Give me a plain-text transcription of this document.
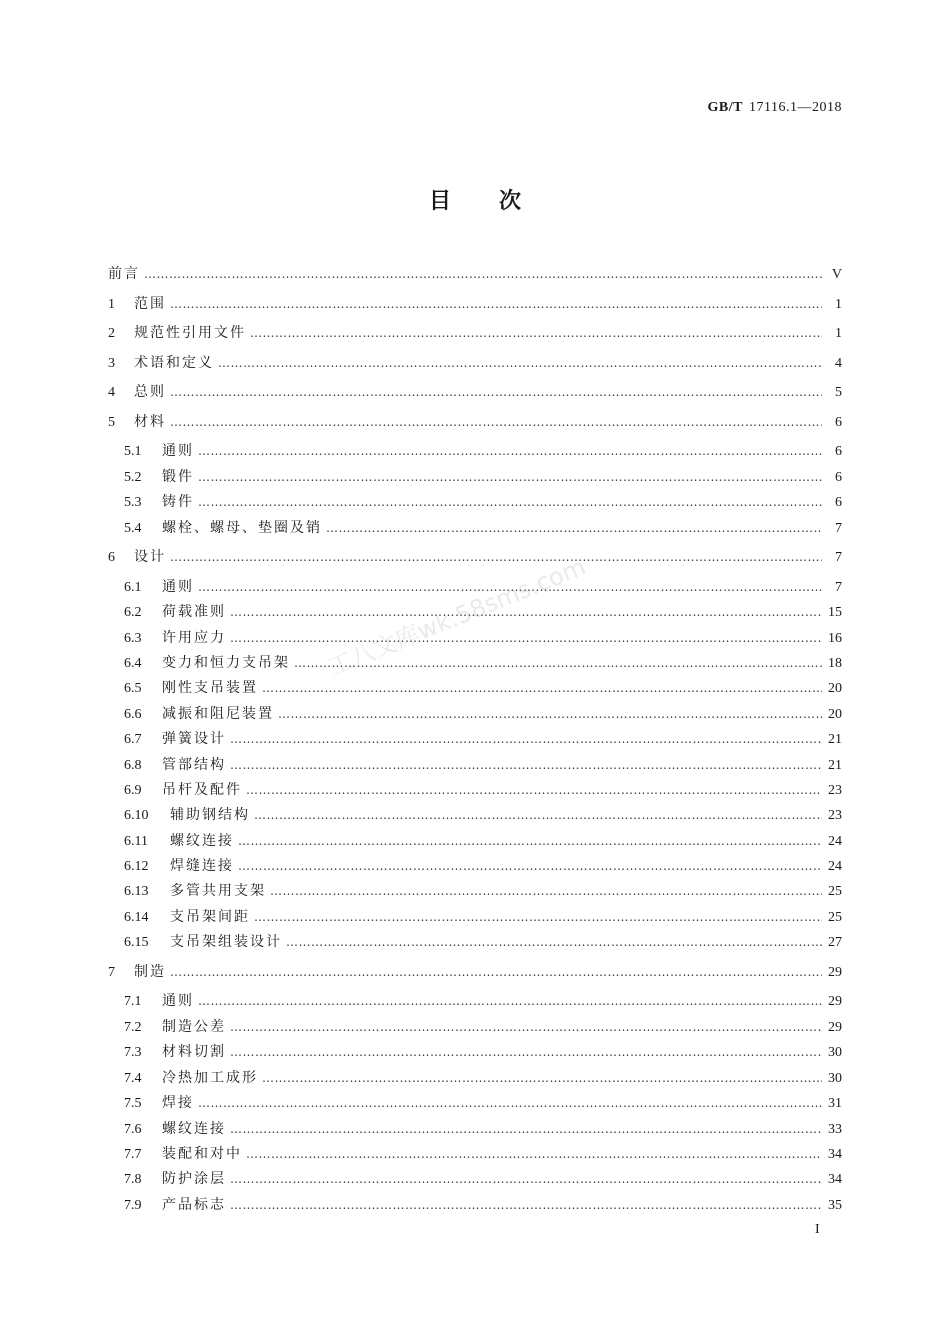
GB/T 17116.1—2018
目次
前言 …………………………………………………………………………………………………………………………………………………………………………………………………………	V
1	范围 …………………………………………………………………………………………………………………………………………………………………………………………………………	1
2	规范性引用文件 …………………………………………………………………………………………………………………………………………………………………………………………………………	1
3	术语和定义 …………………………………………………………………………………………………………………………………………………………………………………………………………	4
4	总则 …………………………………………………………………………………………………………………………………………………………………………………………………………	5
5	材料 …………………………………………………………………………………………………………………………………………………………………………………………………………	6
5.1	通则 …………………………………………………………………………………………………………………………………………………………………………………………………………	6
5.2	锻件 …………………………………………………………………………………………………………………………………………………………………………………………………………	6
5.3	铸件 …………………………………………………………………………………………………………………………………………………………………………………………………………	6
5.4	螺栓、螺母、垫圈及销 …………………………………………………………………………………………………………………………………………………………………………………………………………	7
6	设计 …………………………………………………………………………………………………………………………………………………………………………………………………………	7
6.1	通则 …………………………………………………………………………………………………………………………………………………………………………………………………………	7
6.2	荷载准则 …………………………………………………………………………………………………………………………………………………………………………………………………………	15
6.3	许用应力 …………………………………………………………………………………………………………………………………………………………………………………………………………	16
6.4	变力和恒力支吊架 …………………………………………………………………………………………………………………………………………………………………………………………………………	18
6.5	刚性支吊装置 …………………………………………………………………………………………………………………………………………………………………………………………………………	20
6.6	减振和阻尼装置 …………………………………………………………………………………………………………………………………………………………………………………………………………	20
6.7	弹簧设计 …………………………………………………………………………………………………………………………………………………………………………………………………………	21
6.8	管部结构 …………………………………………………………………………………………………………………………………………………………………………………………………………	21
6.9	吊杆及配件 …………………………………………………………………………………………………………………………………………………………………………………………………………	23
6.10	辅助钢结构 …………………………………………………………………………………………………………………………………………………………………………………………………………	23
6.11	螺纹连接 …………………………………………………………………………………………………………………………………………………………………………………………………………	24
6.12	焊缝连接 …………………………………………………………………………………………………………………………………………………………………………………………………………	24
6.13	多管共用支架 …………………………………………………………………………………………………………………………………………………………………………………………………………	25
6.14	支吊架间距 …………………………………………………………………………………………………………………………………………………………………………………………………………	25
6.15	支吊架组装设计 …………………………………………………………………………………………………………………………………………………………………………………………………………	27
7	制造 …………………………………………………………………………………………………………………………………………………………………………………………………………	29
7.1	通则 …………………………………………………………………………………………………………………………………………………………………………………………………………	29
7.2	制造公差 …………………………………………………………………………………………………………………………………………………………………………………………………………	29
7.3	材料切割 …………………………………………………………………………………………………………………………………………………………………………………………………………	30
7.4	冷热加工成形 …………………………………………………………………………………………………………………………………………………………………………………………………………	30
7.5	焊接 …………………………………………………………………………………………………………………………………………………………………………………………………………	31
7.6	螺纹连接 …………………………………………………………………………………………………………………………………………………………………………………………………………	33
7.7	装配和对中 …………………………………………………………………………………………………………………………………………………………………………………………………………	34
7.8	防护涂层 …………………………………………………………………………………………………………………………………………………………………………………………………………	34
7.9	产品标志 …………………………………………………………………………………………………………………………………………………………………………………………………………	35
工八文库wk.58sms.com
I
